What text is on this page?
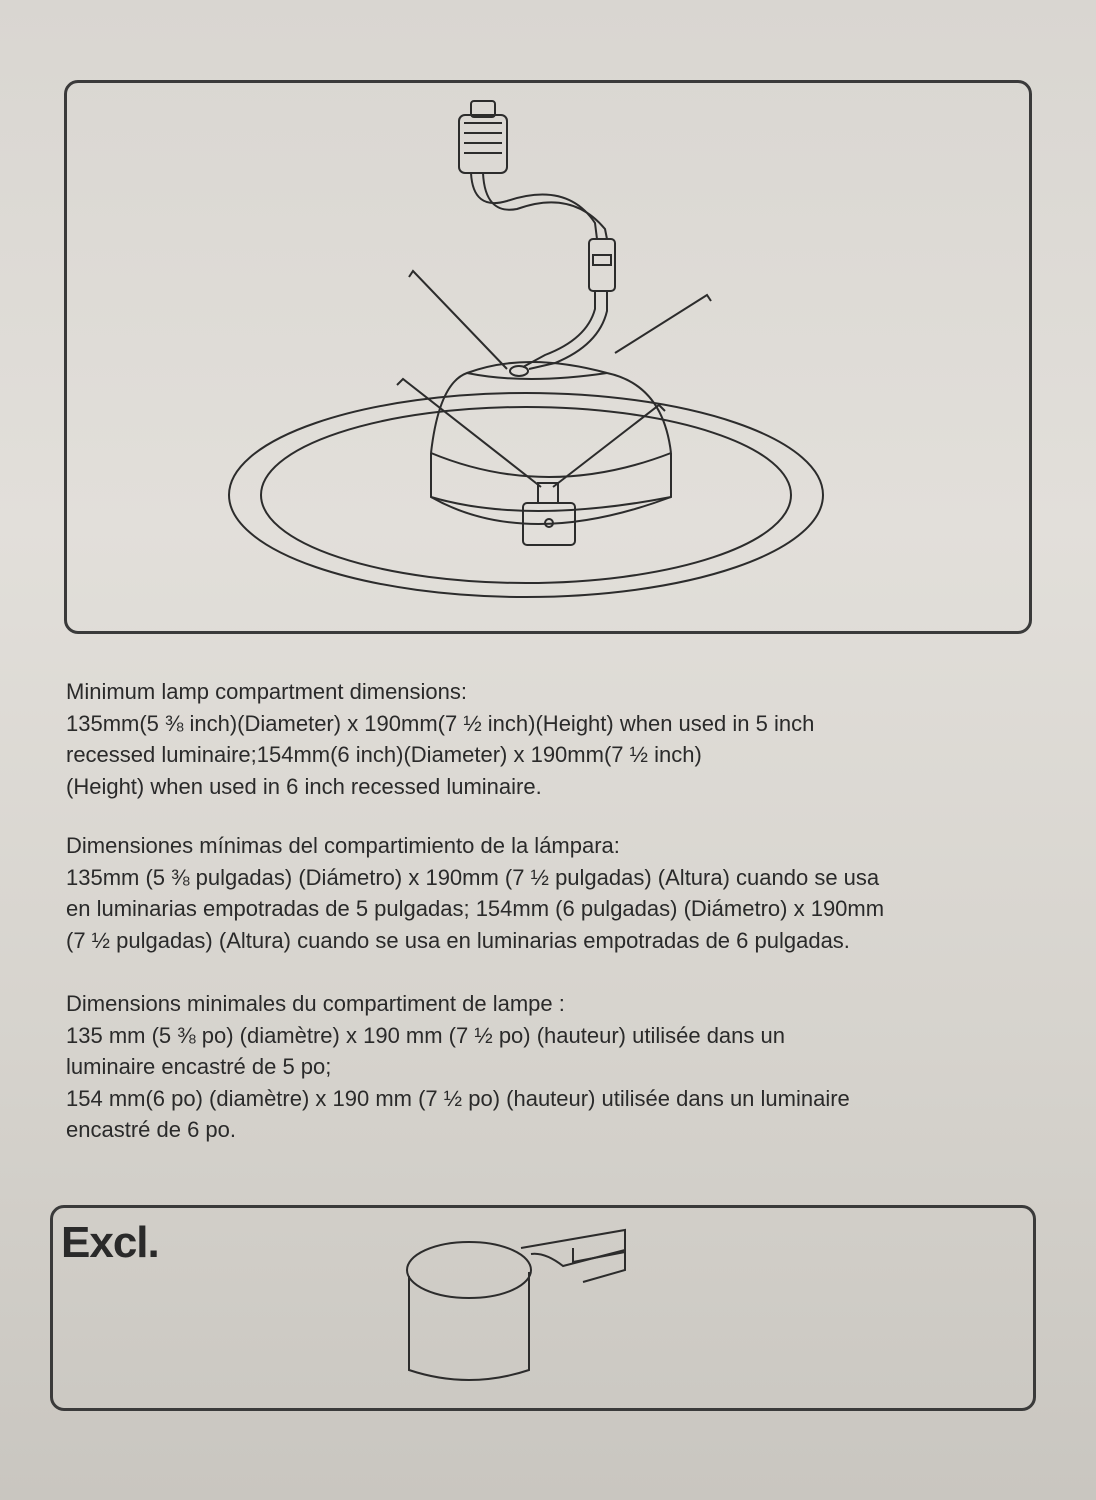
Minimum lamp compartment dimensions:
135mm(5 ⅜ inch)(Diameter) x 190mm(7 ½ inch)(Height) when used in 5 inch
recessed luminaire;154mm(6 inch)(Diameter) x 190mm(7 ½ inch)
(Height) when used in 6 inch recessed luminaire.
Dimensiones mínimas del compartimiento de la lámpara:
135mm (5 ⅜ pulgadas) (Diámetro) x 190mm (7 ½ pulgadas) (Altura) cuando se usa
en luminarias empotradas de 5 pulgadas; 154mm (6 pulgadas) (Diámetro) x 190mm
(7 ½ pulgadas) (Altura) cuando se usa en luminarias empotradas de 6 pulgadas.
Dimensions minimales du compartiment de lampe :
135 mm (5 ⅜ po) (diamètre) x 190 mm (7 ½ po) (hauteur) utilisée dans un
luminaire encastré de 5 po;
154 mm(6 po) (diamètre) x 190 mm (7 ½ po) (hauteur) utilisée dans un luminaire
encastré de 6 po.
Excl.
